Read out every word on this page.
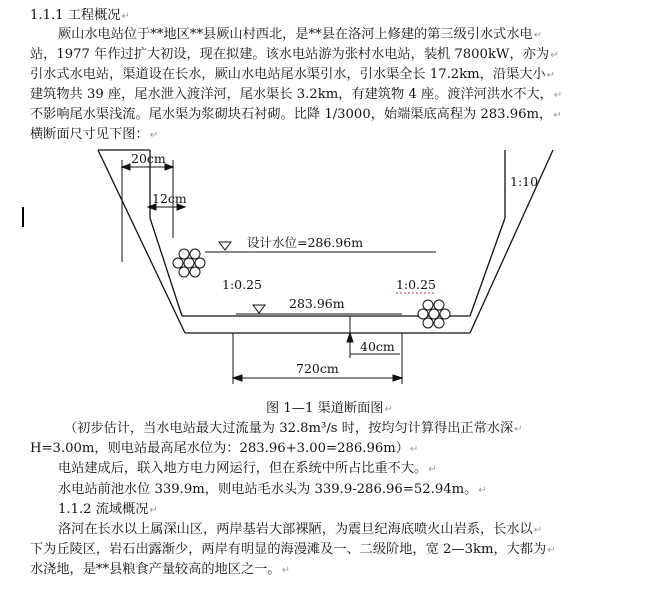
1.1.1 工程概况↵
厥山水电站位于**地区**县厥山村西北，是**县在洛河上修建的第三级引水式水电↵
站，1977 年作过扩大初设，现在拟建。该水电站游为张村水电站，装机 7800kW，亦为↵
引水式水电站，渠道设在长水，厥山水电站尾水渠引水，引水渠全长 17.2km，沿渠大小↵
建筑物共 39 座，尾水泄入渡洋河，尾水渠长 3.2km，有建筑物 4 座。渡洋河洪水不大，↵
不影响尾水渠浅流。尾水渠为浆砌块石衬砌。比降 1/3000，始端渠底高程为 283.96m，↵
横断面尺寸见下图：↵
20cm
12cm
1:10
设计水位=286.96m
1:0.25	1:0.25
283.96m
40cm
720cm
图 1—1 渠道断面图↵
（初步估计，当水电站最大过流量为 32.8m³/s 时，按均匀计算得出正常水深↵
H=3.00m，则电站最高尾水位为：283.96+3.00=286.96m）↵
电站建成后，联入地方电力网运行，但在系统中所占比重不大。↵
水电站前池水位 339.9m，则电站毛水头为 339.9-286.96=52.94m。↵
1.1.2 流域概况↵
洛河在长水以上属深山区，两岸基岩大部裸陋，为震旦纪海底喷火山岩系，长水以↵
下为丘陵区，岩石出露渐少，两岸有明显的海漫滩及一、二级阶地，宽 2—3km，大都为↵
水浇地，是**县粮食产量较高的地区之一。↵
